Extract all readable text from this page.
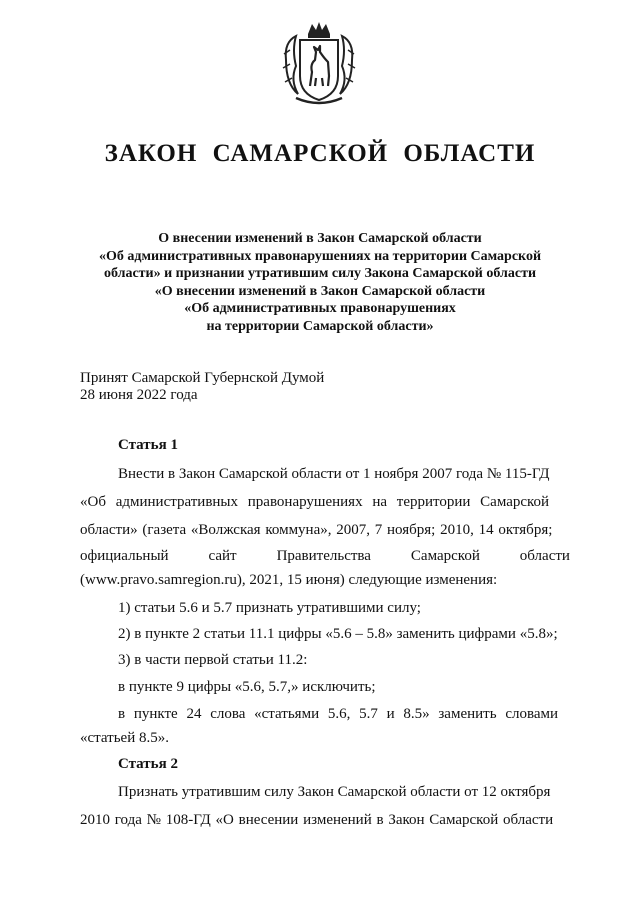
ЗАКОН САМАРСКОЙ ОБЛАСТИ
О внесении изменений в Закон Самарской области
«Об административных правонарушениях на территории Самарской
области» и признании утратившим силу Закона Самарской области
«О внесении изменений в Закон Самарской области
«Об административных правонарушениях
на территории Самарской области»
Принят Самарской Губернской Думой
28 июня 2022 года
Статья 1
Внести в Закон Самарской области от 1 ноября 2007 года № 115-ГД
«Об административных правонарушениях на территории Самарской
области» (газета «Волжская коммуна», 2007, 7 ноября; 2010, 14 октября;
официальный	сайт	Правительства	Самарской	области
(www.pravo.samregion.ru), 2021, 15 июня) следующие изменения:
1) статьи 5.6 и 5.7 признать утратившими силу;
2) в пункте 2 статьи 11.1 цифры «5.6 – 5.8» заменить цифрами «5.8»;
3) в части первой статьи 11.2:
в пункте 9 цифры «5.6, 5.7,» исключить;
в пункте 24 слова «статьями 5.6, 5.7 и 8.5» заменить словами
«статьей 8.5».
Статья 2
Признать утратившим силу Закон Самарской области от 12 октября
2010 года № 108-ГД «О внесении изменений в Закон Самарской области
